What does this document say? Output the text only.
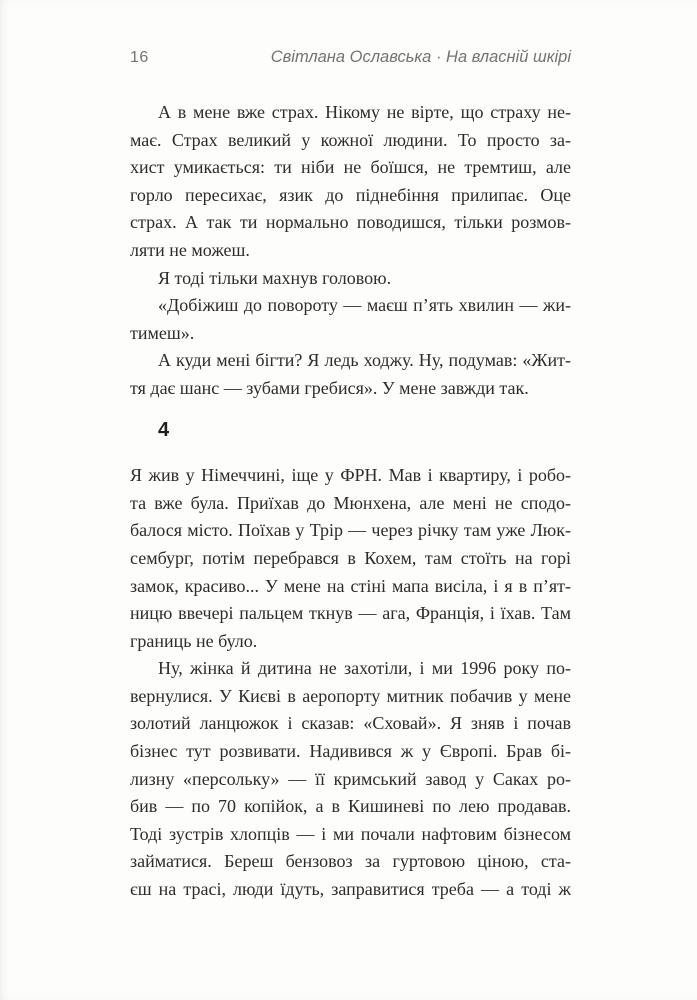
16	Світлана Ославська · На власній шкірі
А в мене вже страх. Нікому не вірте, що страху не-
має. Страх великий у кожної людини. То просто за-
хист умикається: ти ніби не боїшся, не тремтиш, але
горло пересихає, язик до піднебіння прилипає. Оце
страх. А так ти нормально поводишся, тільки розмов-
ляти не можеш.
Я тоді тільки махнув головою.
«Добіжиш до повороту — маєш п’ять хвилин — жи-
тимеш».
А куди мені бігти? Я ледь ходжу. Ну, подумав: «Жит-
тя дає шанс — зубами гребися». У мене завжди так.
4
Я жив у Німеччині, іще у ФРН. Мав і квартиру, і робо-
та вже була. Приїхав до Мюнхена, але мені не сподо-
балося місто. Поїхав у Трір — через річку там уже Люк-
сембург, потім перебрався в Кохем, там стоїть на горі
замок, красиво... У мене на стіні мапа висіла, і я в п’ят-
ницю ввечері пальцем ткнув — ага, Франція, і їхав. Там
границь не було.
Ну, жінка й дитина не захотіли, і ми 1996 року по-
вернулися. У Києві в аеропорту митник побачив у мене
золотий ланцюжок і сказав: «Сховай». Я зняв і почав
бізнес тут розвивати. Надивився ж у Європі. Брав бі-
лизну «персольку» — її кримський завод у Саках ро-
бив — по 70 копійок, а в Кишиневі по лею продавав.
Тоді зустрів хлопців — і ми почали нафтовим бізнесом
займатися. Береш бензовоз за гуртовою ціною, ста-
єш на трасі, люди їдуть, заправитися треба — а тоді ж
